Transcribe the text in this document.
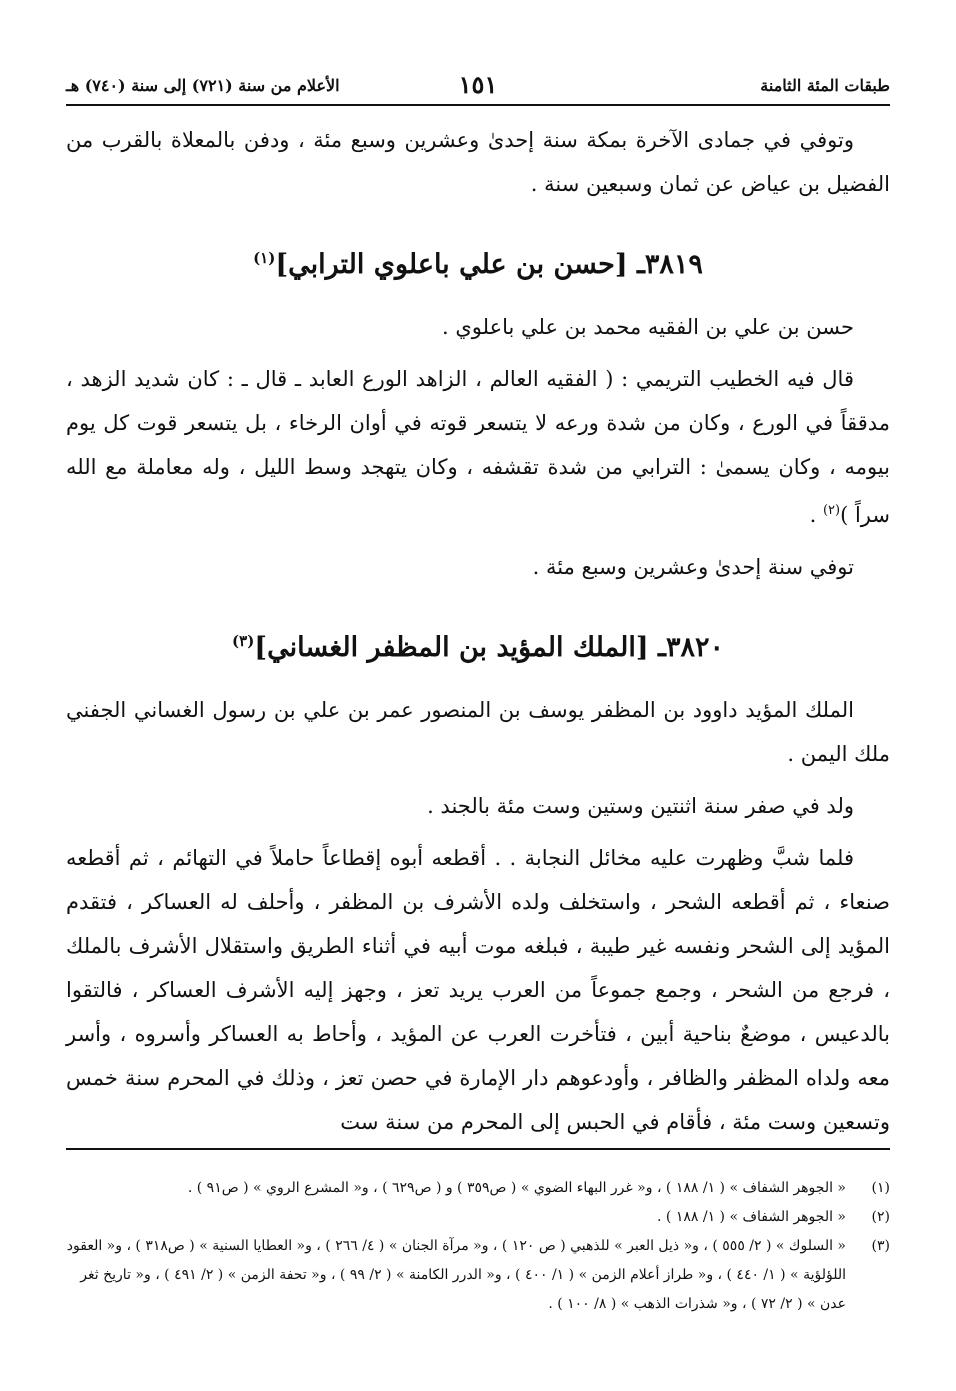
طبقات المئة الثامنة
١٥١
الأعلام من سنة (٧٢١) إلى سنة (٧٤٠) هـ

وتوفي في جمادى الآخرة بمكة سنة إحدىٰ وعشرين وسبع مئة ، ودفن بالمعلاة بالقرب من الفضيل بن عياض عن ثمان وسبعين سنة .

٣٨١٩ـ [حسن بن علي باعلوي الترابي]$^{(١)}$

حسن بن علي بن الفقيه محمد بن علي باعلوي .

قال فيه الخطيب التريمي : ( الفقيه العالم ، الزاهد الورع العابد ـ قال ـ : كان شديد الزهد ، مدققاً في الورع ، وكان من شدة ورعه لا يتسعر قوته في أوان الرخاء ، بل يتسعر قوت كل يوم بيومه ، وكان يسمىٰ : الترابي من شدة تقشفه ، وكان يتهجد وسط الليل ، وله معاملة مع الله سراً )$^{(٢)}$ .

توفي سنة إحدىٰ وعشرين وسبع مئة .

٣٨٢٠ـ [الملك المؤيد بن المظفر الغساني]$^{(٣)}$

الملك المؤيد داوود بن المظفر يوسف بن المنصور عمر بن علي بن رسول الغساني الجفني ملك اليمن .

ولد في صفر سنة اثنتين وستين وست مئة بالجند .

فلما شبَّ وظهرت عليه مخائل النجابة . . أقطعه أبوه إقطاعاً حاملاً في التهائم ، ثم أقطعه صنعاء ، ثم أقطعه الشحر ، واستخلف ولده الأشرف بن المظفر ، وأحلف له العساكر ، فتقدم المؤيد إلى الشحر ونفسه غير طيبة ، فبلغه موت أبيه في أثناء الطريق واستقلال الأشرف بالملك ، فرجع من الشحر ، وجمع جموعاً من العرب يريد تعز ، وجهز إليه الأشرف العساكر ، فالتقوا بالدعيس ، موضعٌ بناحية أبين ، فتأخرت العرب عن المؤيد ، وأحاط به العساكر وأسروه ، وأسر معه ولداه المظفر والظافر ، وأودعوهم دار الإمارة في حصن تعز ، وذلك في المحرم سنة خمس وتسعين وست مئة ، فأقام في الحبس إلى المحرم من سنة ست

(١)
« الجوهر الشفاف » ( ١/ ١٨٨ ) ، و« غرر البهاء الضوي » ( ص٣٥٩ ) و ( ص٦٢٩ ) ، و« المشرع الروي » ( ص٩١ ) .
(٢)
« الجوهر الشفاف » ( ١/ ١٨٨ ) .
(٣)
« السلوك » ( ٢/ ٥٥٥ ) ، و« ذيل العبر » للذهبي ( ص ١٢٠ ) ، و« مرآة الجنان » ( ٤/ ٢٦٦ ) ، و« العطايا السنية » ( ص٣١٨ ) ، و« العقود اللؤلؤية » ( ١/ ٤٤٠ ) ، و« طراز أعلام الزمن » ( ١/ ٤٠٠ ) ، و« الدرر الكامنة » ( ٢/ ٩٩ ) ، و« تحفة الزمن » ( ٢/ ٤٩١ ) ، و« تاريخ ثغر عدن » ( ٢/ ٧٢ ) ، و« شذرات الذهب » ( ٨/ ١٠٠ ) .
